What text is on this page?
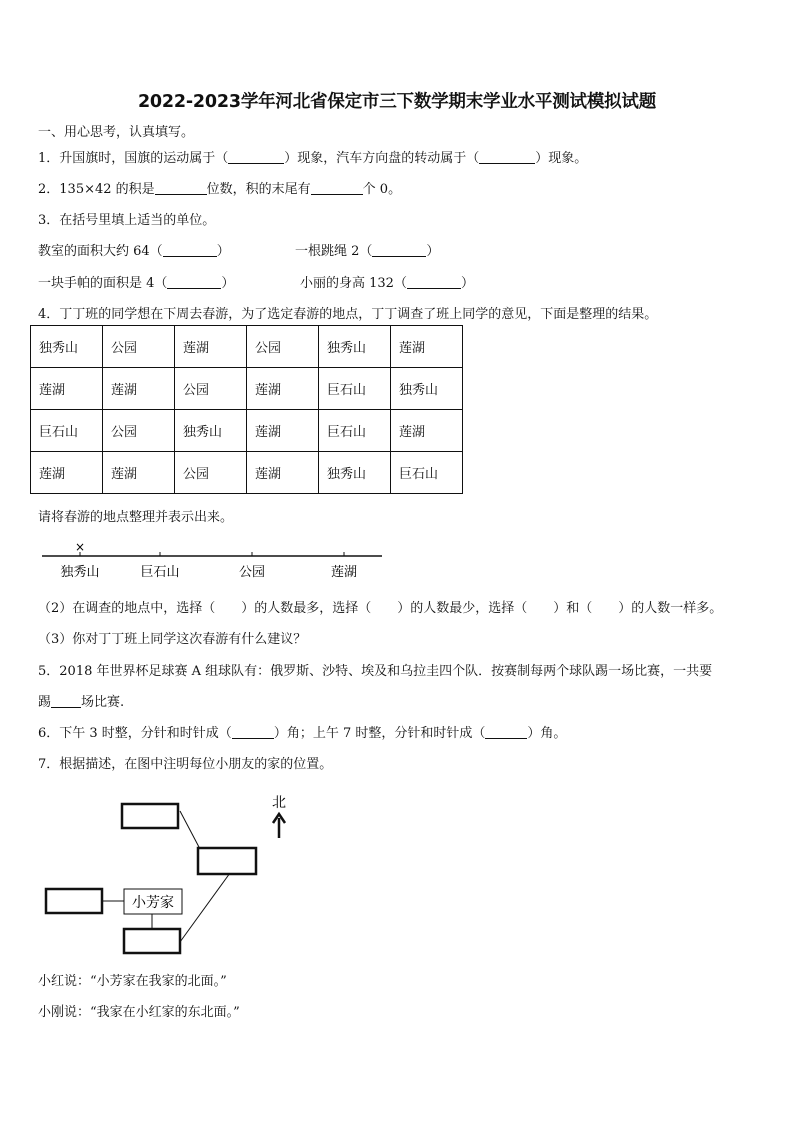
2022-2023学年河北省保定市三下数学期末学业水平测试模拟试题
一、用心思考，认真填写。
1．升国旗时，国旗的运动属于（	）现象，汽车方向盘的转动属于（	）现象。
2．135×42 的积是	位数，积的末尾有	个 0。
3．在括号里填上适当的单位。
教室的面积大约 64（	）	一根跳绳 2（	）
一块手帕的面积是 4（	）	小丽的身高 132（	）
4．丁丁班的同学想在下周去春游，为了选定春游的地点，丁丁调查了班上同学的意见，下面是整理的结果。
独秀山	公园	莲湖	公园	独秀山	莲湖
莲湖	莲湖	公园	莲湖	巨石山	独秀山
巨石山	公园	独秀山	莲湖	巨石山	莲湖
莲湖	莲湖	公园	莲湖	独秀山	巨石山
请将春游的地点整理并表示出来。
×
独秀山	巨石山	公园	莲湖
（2）在调查的地点中，选择（　　）的人数最多，选择（　　）的人数最少，选择（　　）和（　　）的人数一样多。
（3）你对丁丁班上同学这次春游有什么建议？
5．2018 年世界杯足球赛 A 组球队有：俄罗斯、沙特、埃及和乌拉圭四个队．按赛制每两个球队踢一场比赛，一共要
踢 场比赛.
6．下午 3 时整，分针和时针成（	）角；上午 7 时整，分针和时针成（	）角。
7．根据描述，在图中注明每位小朋友的家的位置。
小芳家
北
小红说：“小芳家在我家的北面。”
小刚说：“我家在小红家的东北面。”
